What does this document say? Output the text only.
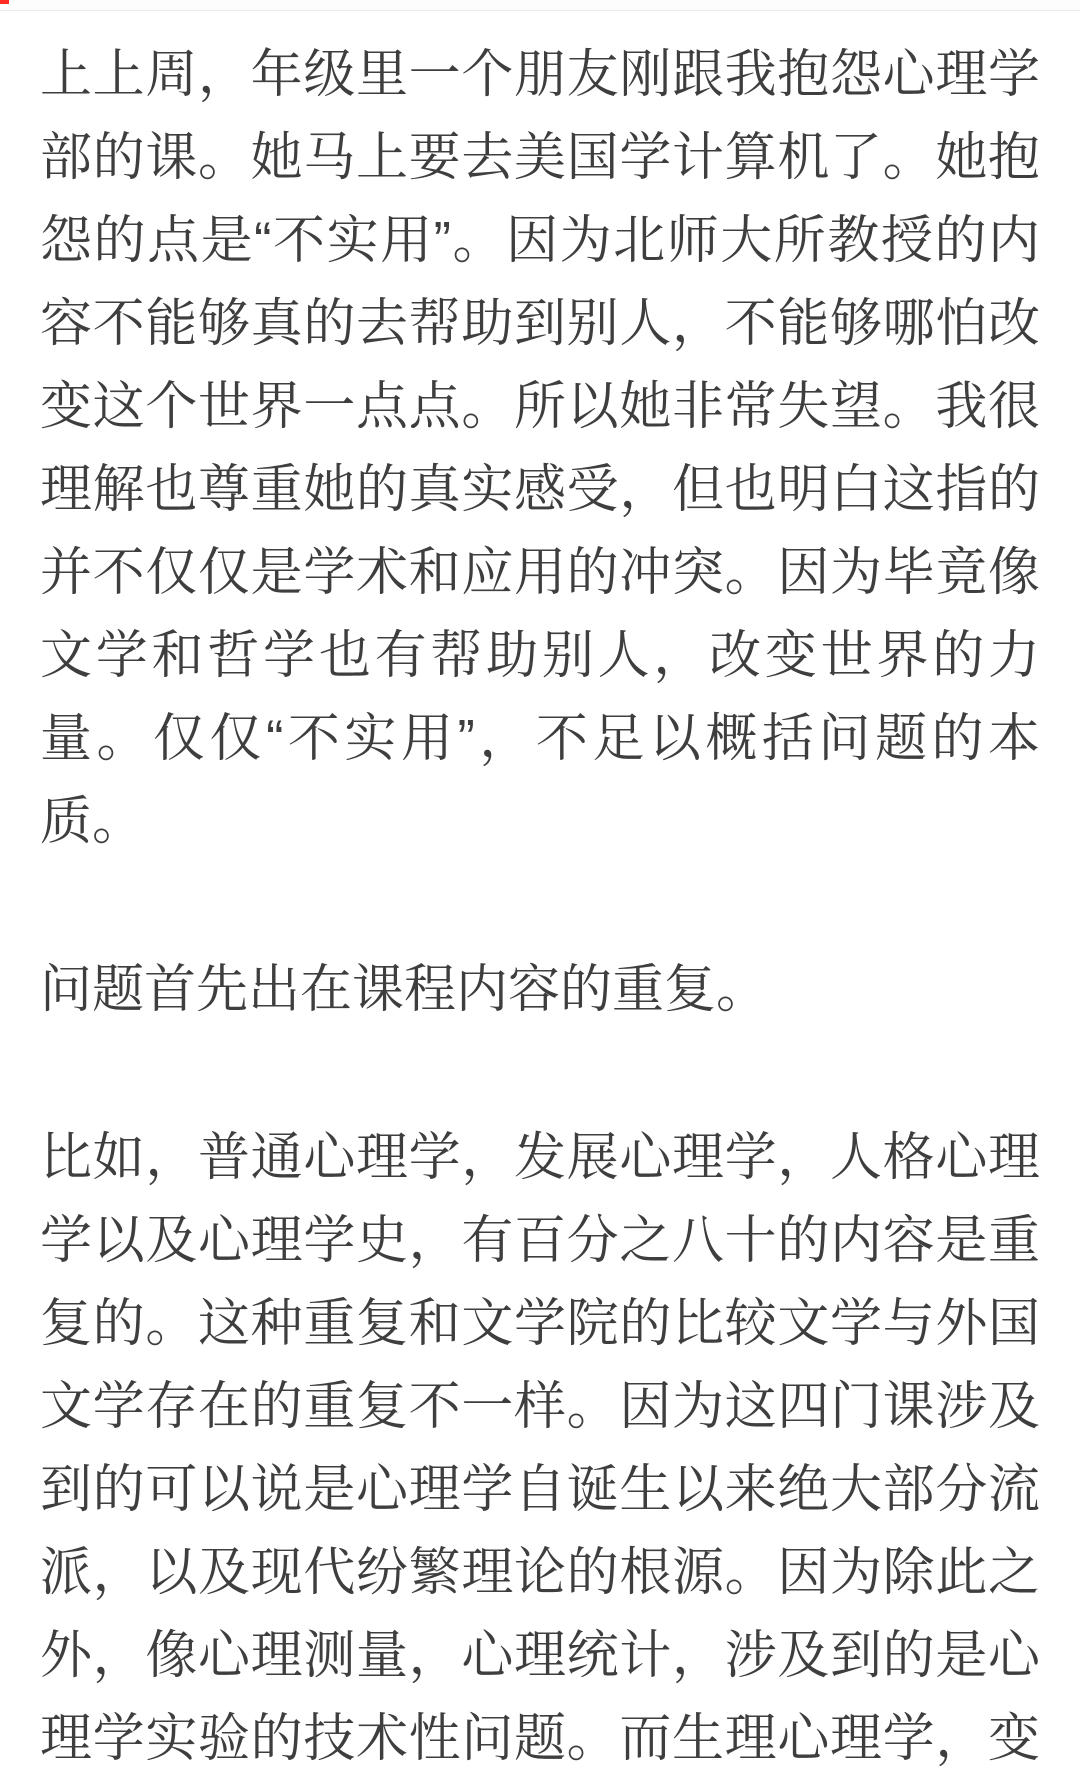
上上周，年级里一个朋友刚跟我抱怨心理学
部的课。她马上要去美国学计算机了。她抱
怨的点是“不实用”。因为北师大所教授的内
容不能够真的去帮助到别人，不能够哪怕改
变这个世界一点点。所以她非常失望。我很
理解也尊重她的真实感受，但也明白这指的
并不仅仅是学术和应用的冲突。因为毕竟像
文学和哲学也有帮助别人，改变世界的力
量。仅仅“不实用”，不足以概括问题的本
质。

问题首先出在课程内容的重复。

比如，普通心理学，发展心理学，人格心理
学以及心理学史，有百分之八十的内容是重
复的。这种重复和文学院的比较文学与外国
文学存在的重复不一样。因为这四门课涉及
到的可以说是心理学自诞生以来绝大部分流
派，以及现代纷繁理论的根源。因为除此之
外，像心理测量，心理统计，涉及到的是心
理学实验的技术性问题。而生理心理学，变
